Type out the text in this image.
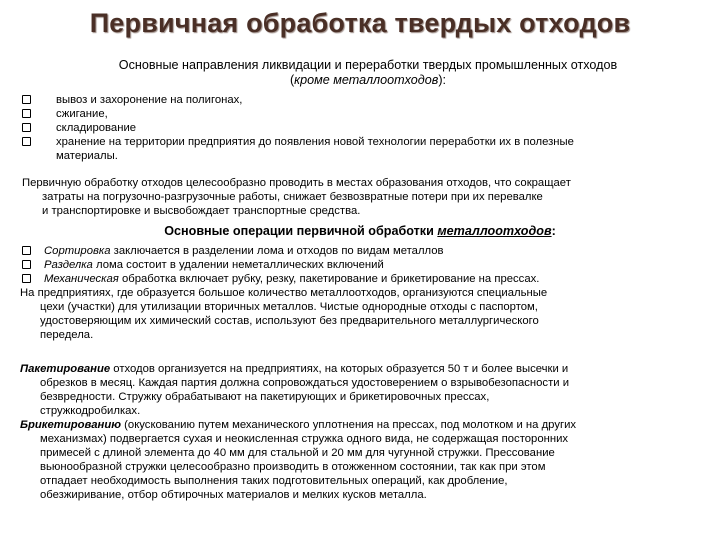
Первичная обработка твердых отходов
Основные направления ликвидации и переработки твердых промышленных отходов
(кроме металлоотходов):
вывоз и захоронение на полигонах,
сжигание,
складирование
хранение на территории предприятия до появления новой технологии переработки их в полезные
материалы.
Первичную обработку отходов целесообразно проводить в местах образования отходов, что сокращает
затраты на погрузочно-разгрузочные работы, снижает безвозвратные потери при их перевалке
и транспортировке и высвобождает транспортные средства.
Основные операции первичной обработки металлоотходов:
Сортировка заключается в разделении лома и отходов по видам металлов
Разделка лома состоит в удалении неметаллических включений
Механическая обработка включает рубку, резку, пакетирование и брикетирование на прессах.
На предприятиях, где образуется большое количество металлоотходов, организуются специальные
цехи (участки) для утилизации вторичных металлов. Чистые однородные отходы с паспортом,
удостоверяющим их химический состав, используют без предварительного металлургического
передела.
Пакетирование отходов организуется на предприятиях, на которых образуется 50 т и более высечки и
обрезков в месяц. Каждая партия должна сопровождаться удостоверением о взрывобезопасности и
безвредности. Стружку обрабатывают на пакетирующих и брикетировочных прессах,
стружкодробилках.
Брикетированию (окускованию путем механического уплотнения на прессах, под молотком и на других
механизмах) подвергается сухая и неокисленная стружка одного вида, не содержащая посторонних
примесей с длиной элемента до 40 мм для стальной и 20 мм для чугунной стружки. Прессование
вьюнообразной стружки целесообразно производить в отожженном состоянии, так как при этом
отпадает необходимость выполнения таких подготовительных операций, как дробление,
обезжиривание, отбор обтирочных материалов и мелких кусков металла.
